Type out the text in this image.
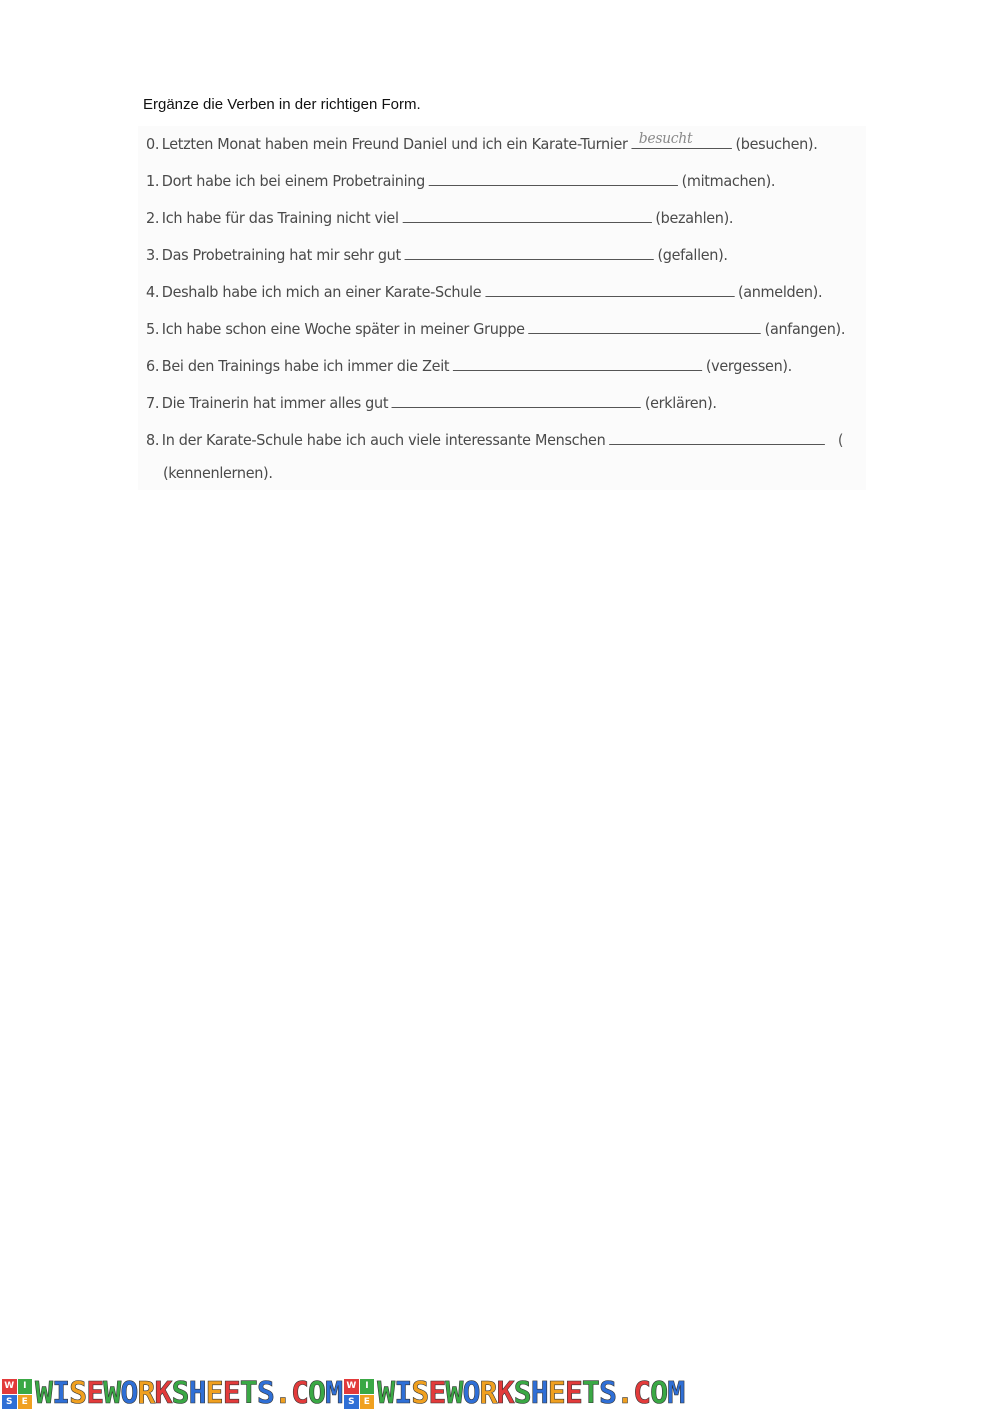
Ergänze die Verben in der richtigen Form.
0. Letzten Monat haben mein Freund Daniel und ich ein Karate-Turnier besucht	(besuchen).
1. Dort habe ich bei einem Probetraining	(mitmachen).
2. Ich habe für das Training nicht viel	(bezahlen).
3. Das Probetraining hat mir sehr gut	(gefallen).
4. Deshalb habe ich mich an einer Karate-Schule	(anmelden).
5. Ich habe schon eine Woche später in meiner Gruppe	(anfangen).
6. Bei den Trainings habe ich immer die Zeit	(vergessen).
7. Die Trainerin hat immer alles gut	(erklären).
8. In der Karate-Schule habe ich auch viele interessante Menschen	(
(kennenlernen).
W I
S	E WISEWORKSHEETS.COM W I
S	E WISEWORKSHEETS.COM
